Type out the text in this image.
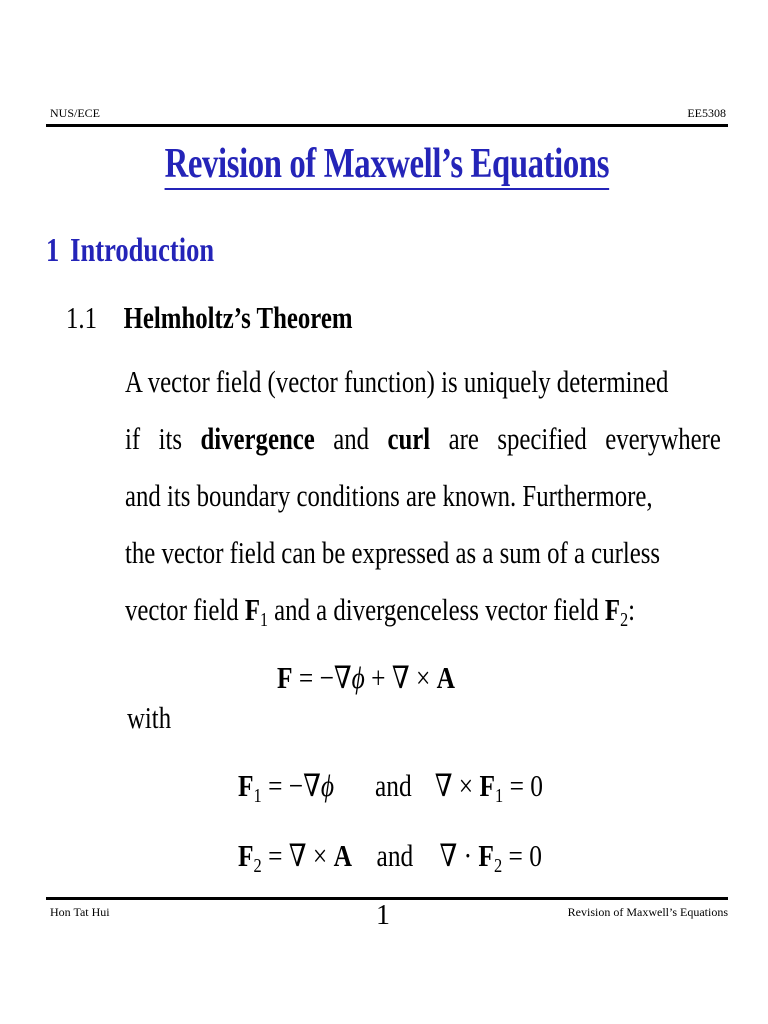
NUS/ECE	EE5308
Revision of Maxwell’s Equations
1 Introduction
1.1 Helmholtz’s Theorem
A vector field (vector function) is uniquely determined
if its divergence and curl are specified everywhere
and its boundary conditions are known. Furthermore,
the vector field can be expressed as a sum of a curless
vector field $F_1$ and a divergenceless vector field $F_2$:
F = −∇ϕ + ∇ × A
with
$F_1 = -\nabla\phi$ and ∇ × $F_1 = 0$
$F_2$ = ∇ × A and ∇ · $F_2 = 0$
Hon Tat Hui	1	Revision of Maxwell’s Equations
